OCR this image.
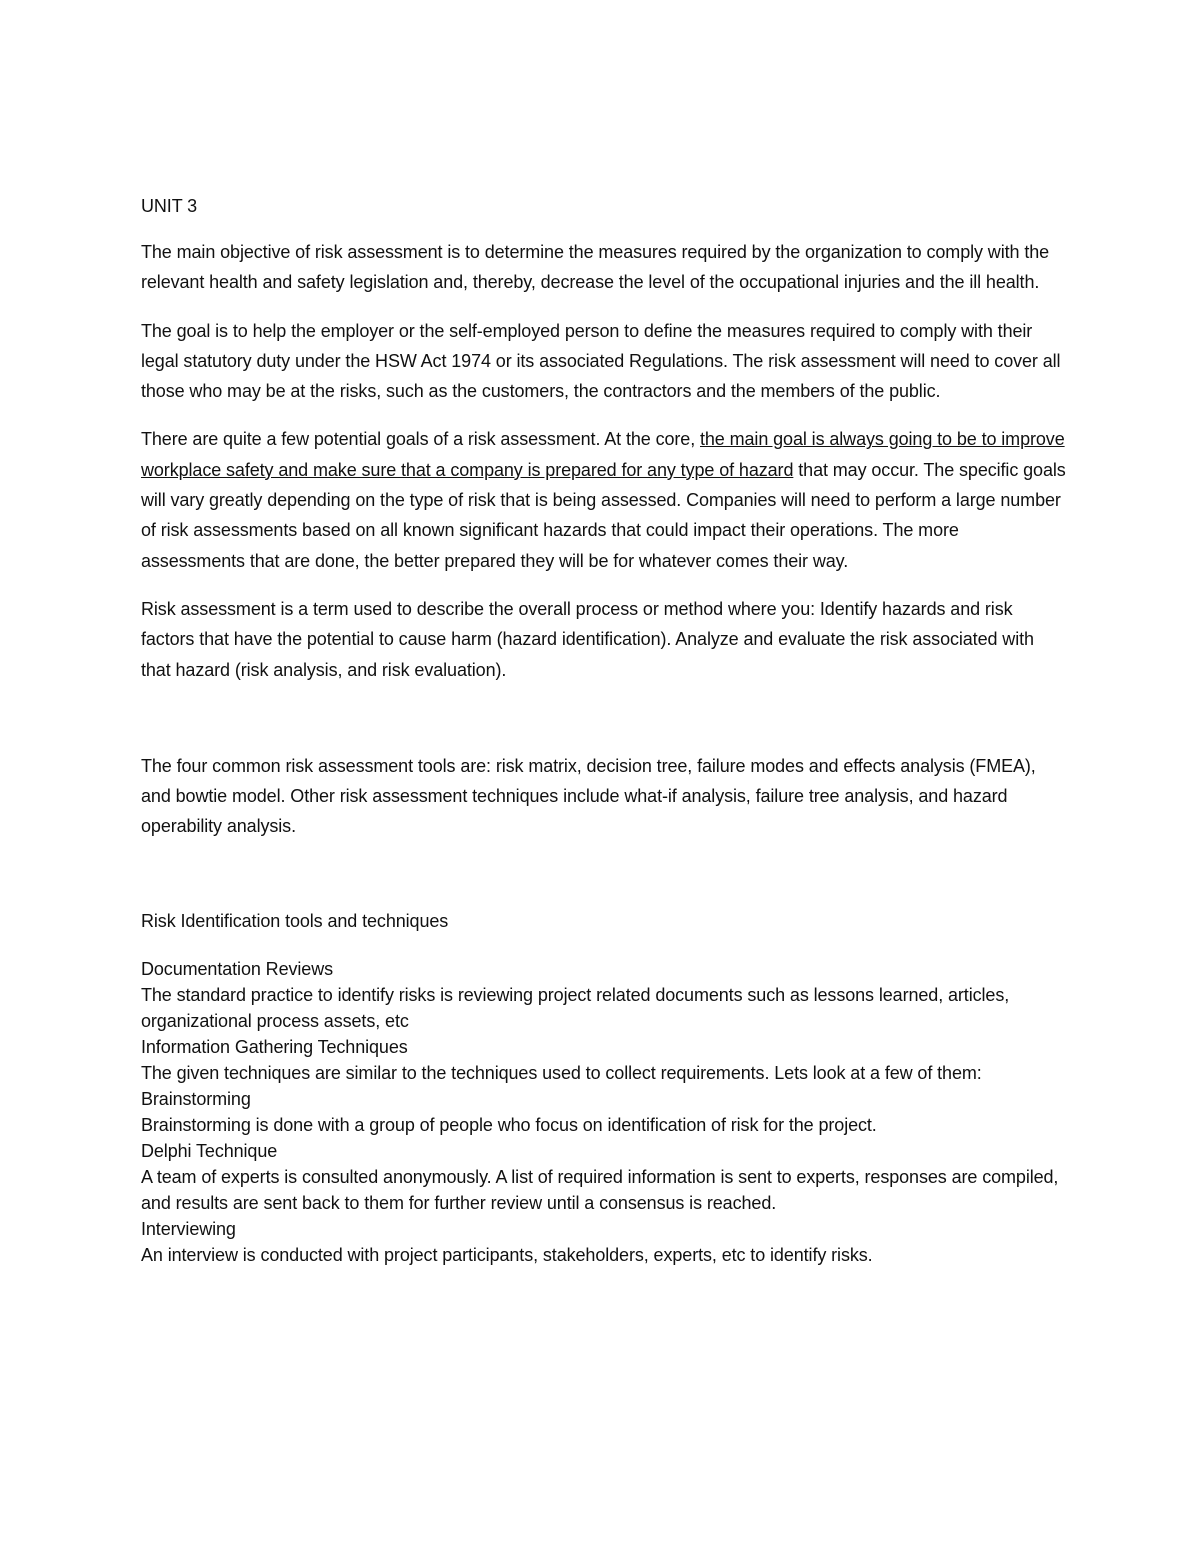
UNIT 3

The main objective of risk assessment is to determine the measures required by the organization to comply with the relevant health and safety legislation and, thereby, decrease the level of the occupational injuries and the ill health.

The goal is to help the employer or the self-employed person to define the measures required to comply with their legal statutory duty under the HSW Act 1974 or its associated Regulations. The risk assessment will need to cover all those who may be at the risks, such as the customers, the contractors and the members of the public.

There are quite a few potential goals of a risk assessment. At the core, the main goal is always going to be to improve workplace safety and make sure that a company is prepared for any type of hazard that may occur. The specific goals will vary greatly depending on the type of risk that is being assessed. Companies will need to perform a large number of risk assessments based on all known significant hazards that could impact their operations. The more assessments that are done, the better prepared they will be for whatever comes their way.

Risk assessment is a term used to describe the overall process or method where you: Identify hazards and risk factors that have the potential to cause harm (hazard identification). Analyze and evaluate the risk associated with that hazard (risk analysis, and risk evaluation).

The four common risk assessment tools are: risk matrix, decision tree, failure modes and effects analysis (FMEA), and bowtie model. Other risk assessment techniques include what-if analysis, failure tree analysis, and hazard operability analysis.

Risk Identification tools and techniques
Documentation Reviews
The standard practice to identify risks is reviewing project related documents such as lessons learned, articles, organizational process assets, etc
Information Gathering Techniques
The given techniques are similar to the techniques used to collect requirements. Lets look at a few of them:
Brainstorming
Brainstorming is done with a group of people who focus on identification of risk for the project.
Delphi Technique
A team of experts is consulted anonymously. A list of required information is sent to experts, responses are compiled, and results are sent back to them for further review until a consensus is reached.
Interviewing
An interview is conducted with project participants, stakeholders, experts, etc to identify risks.
